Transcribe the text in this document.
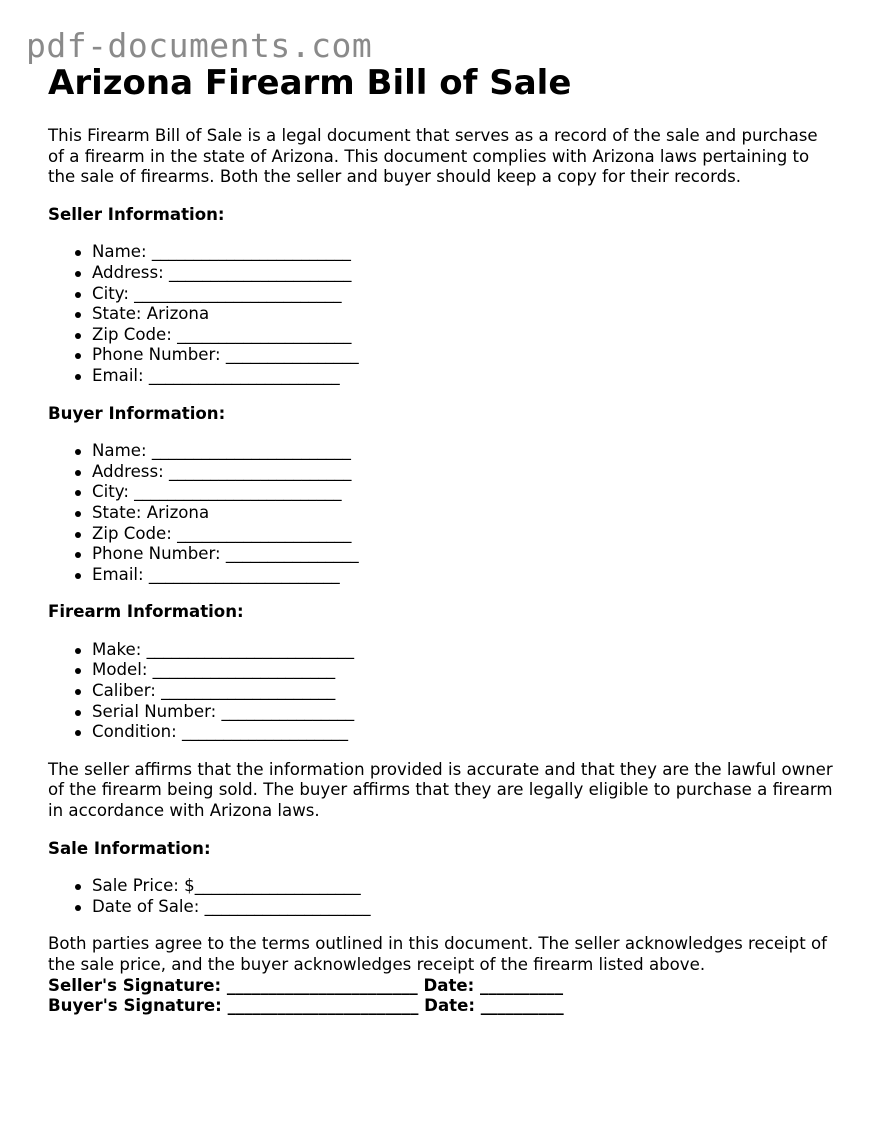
pdf-documents.com
Arizona Firearm Bill of Sale

This Firearm Bill of Sale is a legal document that serves as a record of the sale and purchase of a firearm in the state of Arizona. This document complies with Arizona laws pertaining to the sale of firearms. Both the seller and buyer should keep a copy for their records.

Seller Information:
Name: ________________________
Address: ______________________
City: _________________________
State: Arizona
Zip Code: _____________________
Phone Number: ________________
Email: _______________________
Buyer Information:
Name: ________________________
Address: ______________________
City: _________________________
State: Arizona
Zip Code: _____________________
Phone Number: ________________
Email: _______________________
Firearm Information:
Make: _________________________
Model: ______________________
Caliber: _____________________
Serial Number: ________________
Condition: ____________________

The seller affirms that the information provided is accurate and that they are the lawful owner of the firearm being sold. The buyer affirms that they are legally eligible to purchase a firearm in accordance with Arizona laws.

Sale Information:
Sale Price: $____________________
Date of Sale: ____________________

Both parties agree to the terms outlined in this document. The seller acknowledges receipt of the sale price, and the buyer acknowledges receipt of the firearm listed above.

Seller's Signature: _______________________ Date: __________
Buyer's Signature: _______________________ Date: __________
